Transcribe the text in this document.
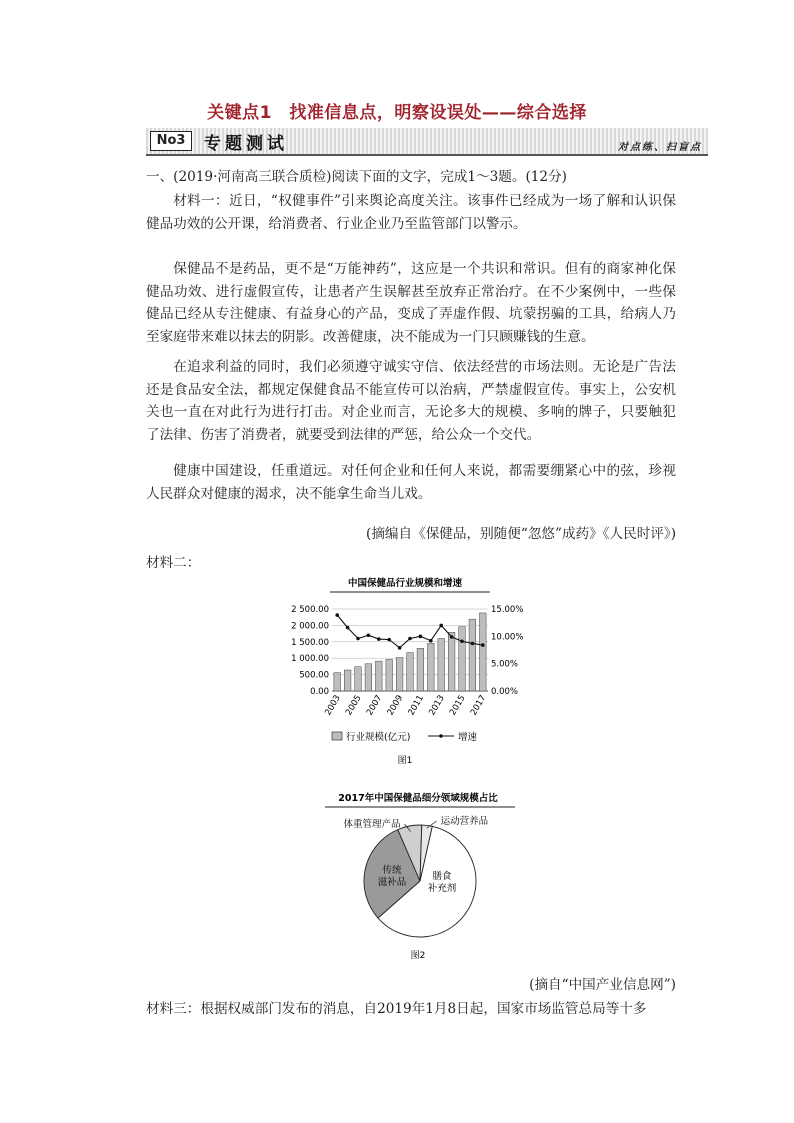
关键点1　找准信息点，明察设误处——综合选择
No3	专题测试	对点练、扫盲点
一、(2019·河南高三联合质检)阅读下面的文字，完成1～3题。(12分)
材料一：近日，“权健事件”引来舆论高度关注。该事件已经成为一场了解和认识保健品功效的公开课，给消费者、行业企业乃至监管部门以警示。
保健品不是药品，更不是“万能神药”，这应是一个共识和常识。但有的商家神化保健品功效、进行虚假宣传，让患者产生误解甚至放弃正常治疗。在不少案例中，一些保健品已经从专注健康、有益身心的产品，变成了弄虚作假、坑蒙拐骗的工具，给病人乃至家庭带来难以抹去的阴影。改善健康，决不能成为一门只顾赚钱的生意。
在追求利益的同时，我们必须遵守诚实守信、依法经营的市场法则。无论是广告法还是食品安全法，都规定保健食品不能宣传可以治病，严禁虚假宣传。事实上，公安机关也一直在对此行为进行打击。对企业而言，无论多大的规模、多响的牌子，只要触犯了法律、伤害了消费者，就要受到法律的严惩，给公众一个交代。
健康中国建设，任重道远。对任何企业和任何人来说，都需要绷紧心中的弦，珍视人民群众对健康的渴求，决不能拿生命当儿戏。
(摘编自《保健品，别随便“忽悠”成药》《人民时评》)
材料二：
中国保健品行业规模和增速
0.00
500.00
1 000.00
1 500.00
2 000.00
2 500.00
0.00%
5.00%
10.00%
15.00%
2003 2005 2007 2009 2011 2013 2015 2017
行业规模(亿元)	增速
图1
2017年中国保健品细分领域规模占比
膳食补充剂
传统滋补品
体重管理产品	运动营养品
图2
(摘自“中国产业信息网”)
材料三：根据权威部门发布的消息，自2019年1月8日起，国家市场监管总局等十多
